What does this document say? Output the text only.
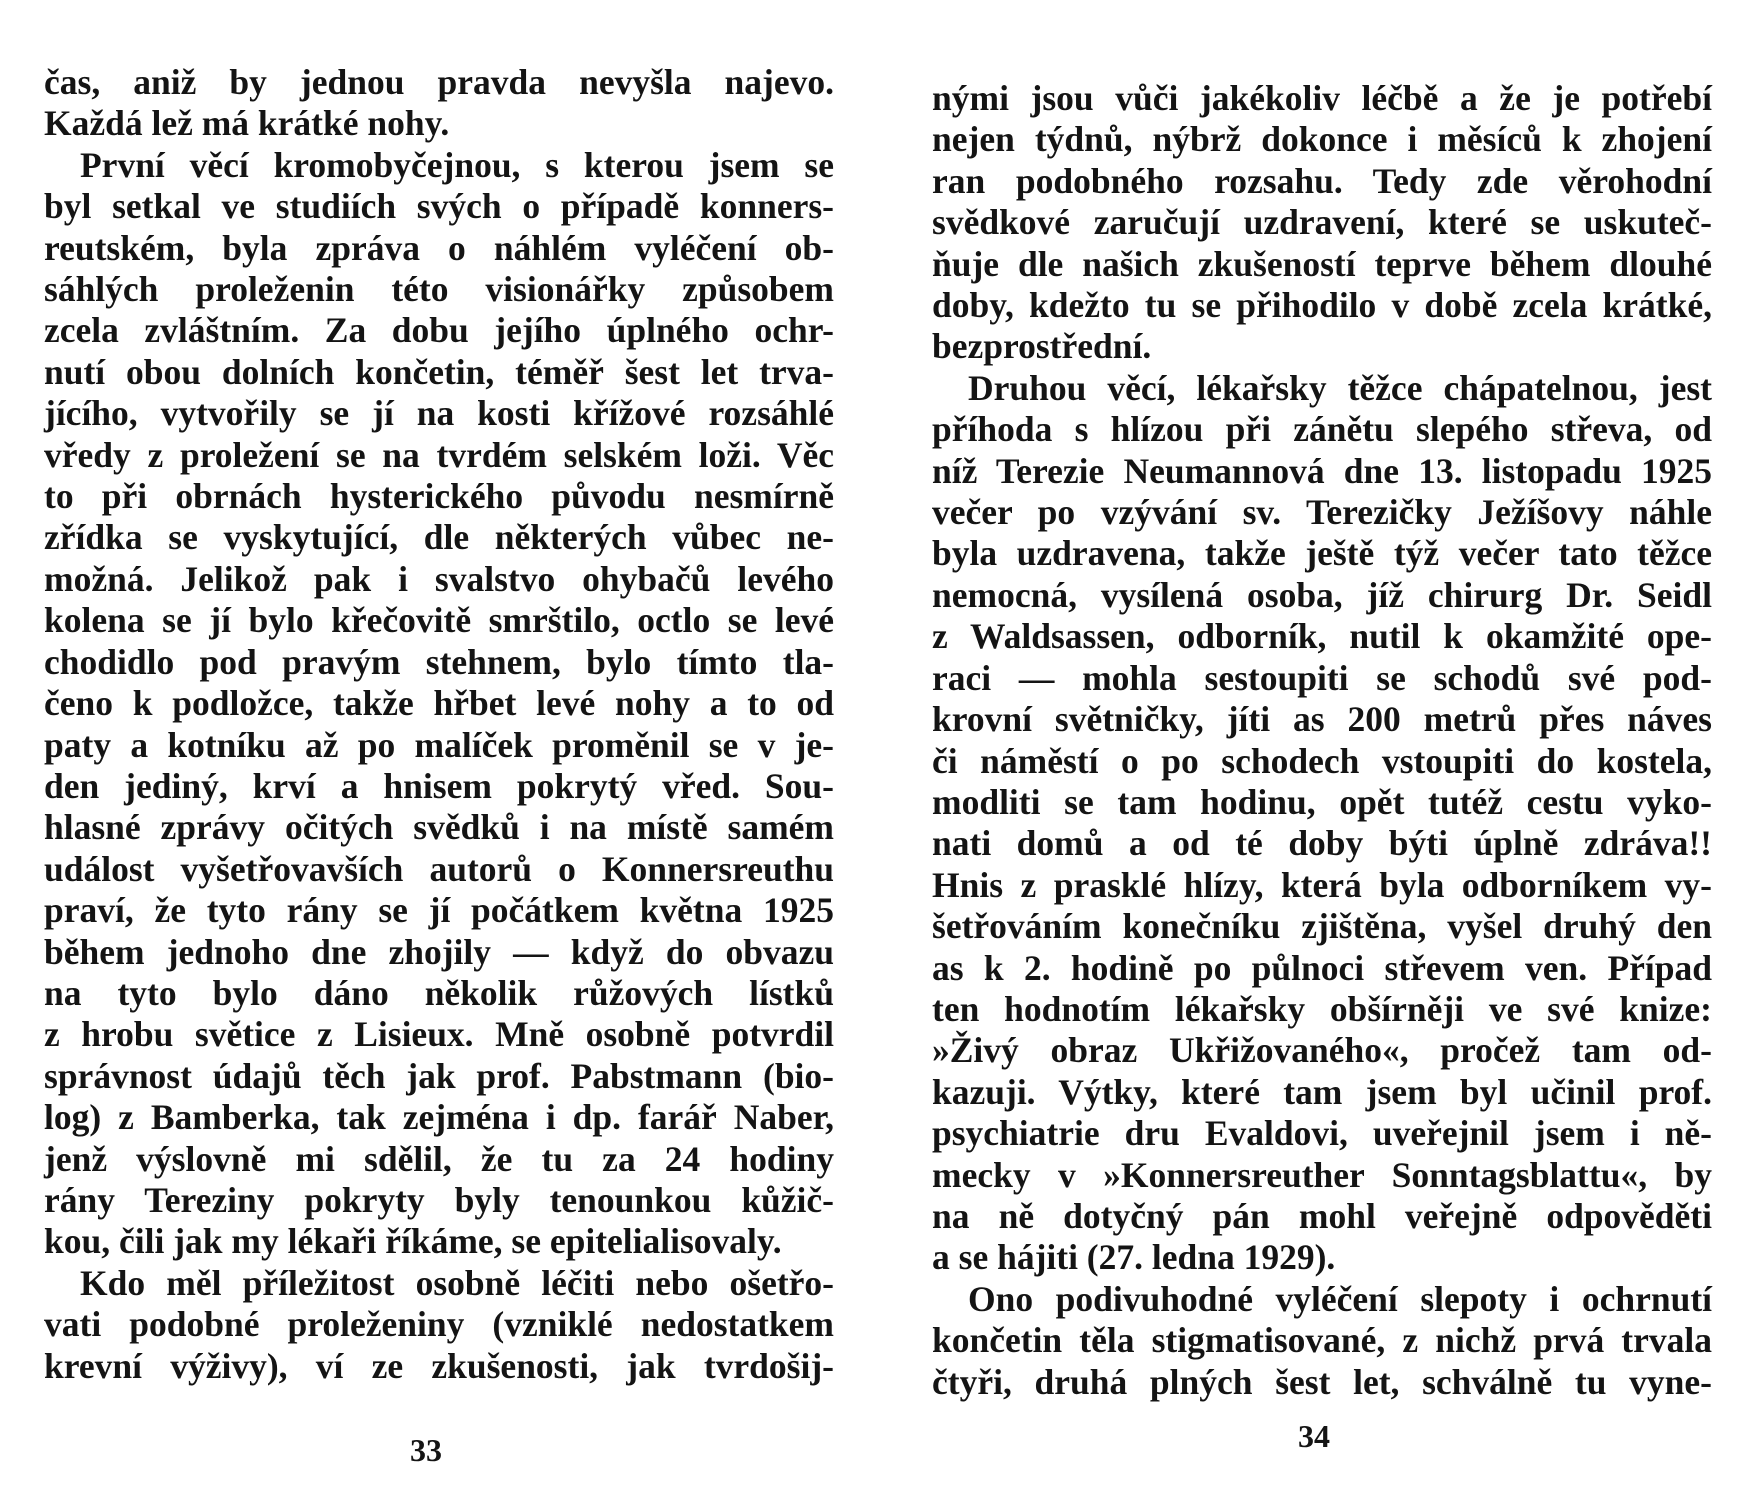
čas, aniž by jednou pravda nevyšla najevo.
Každá lež má krátké nohy.
První věcí kromobyčejnou, s kterou jsem se
byl setkal ve studiích svých o případě konners-
reutském, byla zpráva o náhlém vyléčení ob-
sáhlých proleženin této visionářky způsobem
zcela zvláštním. Za dobu jejího úplného ochr-
nutí obou dolních končetin, téměř šest let trva-
jícího, vytvořily se jí na kosti křížové rozsáhlé
vředy z proležení se na tvrdém selském loži. Věc
to při obrnách hysterického původu nesmírně
zřídka se vyskytující, dle některých vůbec ne-
možná. Jelikož pak i svalstvo ohybačů levého
kolena se jí bylo křečovitě smrštilo, octlo se levé
chodidlo pod pravým stehnem, bylo tímto tla-
čeno k podložce, takže hřbet levé nohy a to od
paty a kotníku až po malíček proměnil se v je-
den jediný, krví a hnisem pokrytý vřed. Sou-
hlasné zprávy očitých svědků i na místě samém
událost vyšetřovavších autorů o Konnersreuthu
praví, že tyto rány se jí počátkem května 1925
během jednoho dne zhojily — když do obvazu
na tyto bylo dáno několik růžových lístků
z hrobu světice z Lisieux. Mně osobně potvrdil
správnost údajů těch jak prof. Pabstmann (bio-
log) z Bamberka, tak zejména i dp. farář Naber,
jenž výslovně mi sdělil, že tu za 24 hodiny
rány Tereziny pokryty byly tenounkou kůžič-
kou, čili jak my lékaři říkáme, se epitelialisovaly.
Kdo měl příležitost osobně léčiti nebo ošetřo-
vati podobné proleženiny (vzniklé nedostatkem
krevní výživy), ví ze zkušenosti, jak tvrdošij-
33
nými jsou vůči jakékoliv léčbě a že je potřebí
nejen týdnů, nýbrž dokonce i měsíců k zhojení
ran podobného rozsahu. Tedy zde věrohodní
svědkové zaručují uzdravení, které se uskuteč-
ňuje dle našich zkušeností teprve během dlouhé
doby, kdežto tu se přihodilo v době zcela krátké,
bezprostřední.
Druhou věcí, lékařsky těžce chápatelnou, jest
příhoda s hlízou při zánětu slepého střeva, od
níž Terezie Neumannová dne 13. listopadu 1925
večer po vzývání sv. Terezičky Ježíšovy náhle
byla uzdravena, takže ještě týž večer tato těžce
nemocná, vysílená osoba, jíž chirurg Dr. Seidl
z Waldsassen, odborník, nutil k okamžité ope-
raci — mohla sestoupiti se schodů své pod-
krovní světničky, jíti as 200 metrů přes náves
či náměstí o po schodech vstoupiti do kostela,
modliti se tam hodinu, opět tutéž cestu vyko-
nati domů a od té doby býti úplně zdráva!!
Hnis z prasklé hlízy, která byla odborníkem vy-
šetřováním konečníku zjištěna, vyšel druhý den
as k 2. hodině po půlnoci střevem ven. Případ
ten hodnotím lékařsky obšírněji ve své knize:
»Živý obraz Ukřižovaného«, pročež tam od-
kazuji. Výtky, které tam jsem byl učinil prof.
psychiatrie dru Evaldovi, uveřejnil jsem i ně-
mecky v »Konnersreuther Sonntagsblattu«, by
na ně dotyčný pán mohl veřejně odpověděti
a se hájiti (27. ledna 1929).
Ono podivuhodné vyléčení slepoty i ochrnutí
končetin těla stigmatisované, z nichž prvá trvala
čtyři, druhá plných šest let, schválně tu vyne-
34
